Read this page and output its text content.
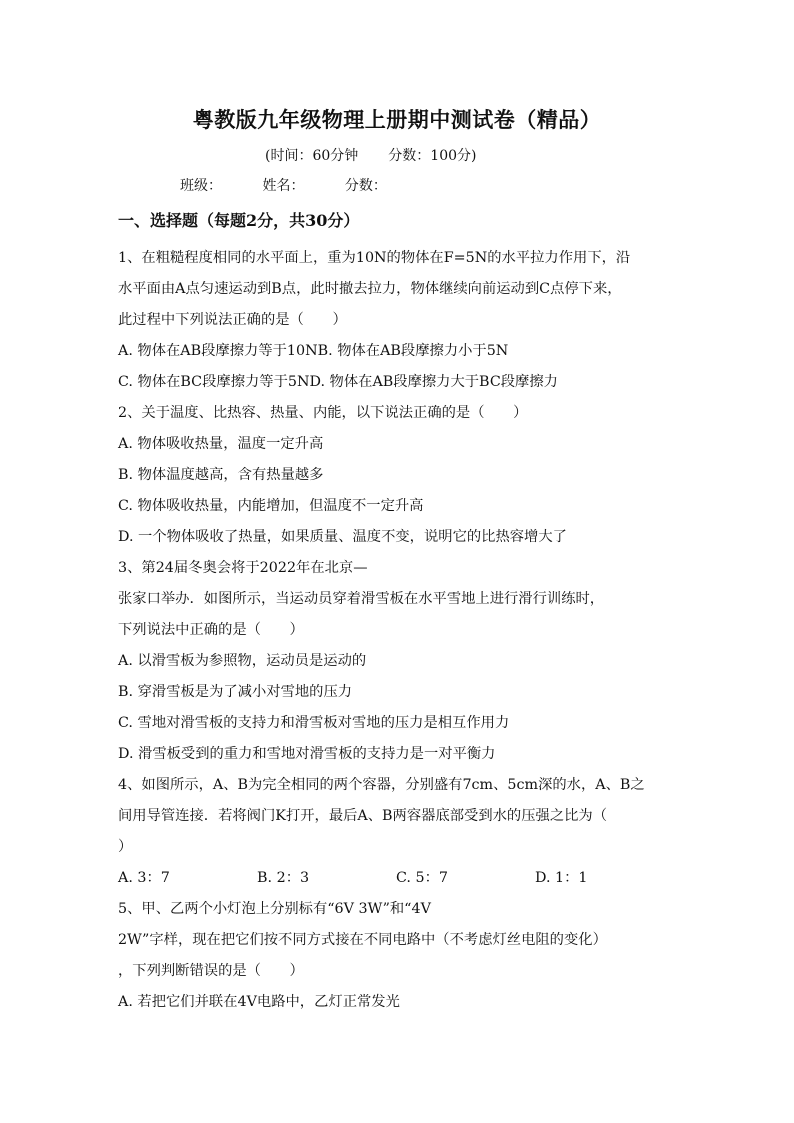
粤教版九年级物理上册期中测试卷（精品）
(时间：60分钟 分数：100分)
班级：	姓名：	分数：
一、选择题（每题2分，共30分）
1、在粗糙程度相同的水平面上，重为10N的物体在F=5N的水平拉力作用下，沿
水平面由A点匀速运动到B点，此时撤去拉力，物体继续向前运动到C点停下来，
此过程中下列说法正确的是（　　）
A. 物体在AB段摩擦力等于10NB. 物体在AB段摩擦力小于5N
C. 物体在BC段摩擦力等于5ND. 物体在AB段摩擦力大于BC段摩擦力
2、关于温度、比热容、热量、内能，以下说法正确的是（　　）
A. 物体吸收热量，温度一定升高
B. 物体温度越高，含有热量越多
C. 物体吸收热量，内能增加，但温度不一定升高
D. 一个物体吸收了热量，如果质量、温度不变，说明它的比热容增大了
3、第24届冬奥会将于2022年在北京—
张家口举办．如图所示，当运动员穿着滑雪板在水平雪地上进行滑行训练时，
下列说法中正确的是（　　）
A. 以滑雪板为参照物，运动员是运动的
B. 穿滑雪板是为了减小对雪地的压力
C. 雪地对滑雪板的支持力和滑雪板对雪地的压力是相互作用力
D. 滑雪板受到的重力和雪地对滑雪板的支持力是一对平衡力
4、如图所示，A、B为完全相同的两个容器，分别盛有7cm、5cm深的水，A、B之
间用导管连接．若将阀门K打开，最后A、B两容器底部受到水的压强之比为（
）
A. 3：7	B. 2：3	C. 5：7	D. 1：1
5、甲、乙两个小灯泡上分别标有“6V 3W”和“4V
2W”字样，现在把它们按不同方式接在不同电路中（不考虑灯丝电阻的变化）
，下列判断错误的是（　　）
A. 若把它们并联在4V电路中，乙灯正常发光
